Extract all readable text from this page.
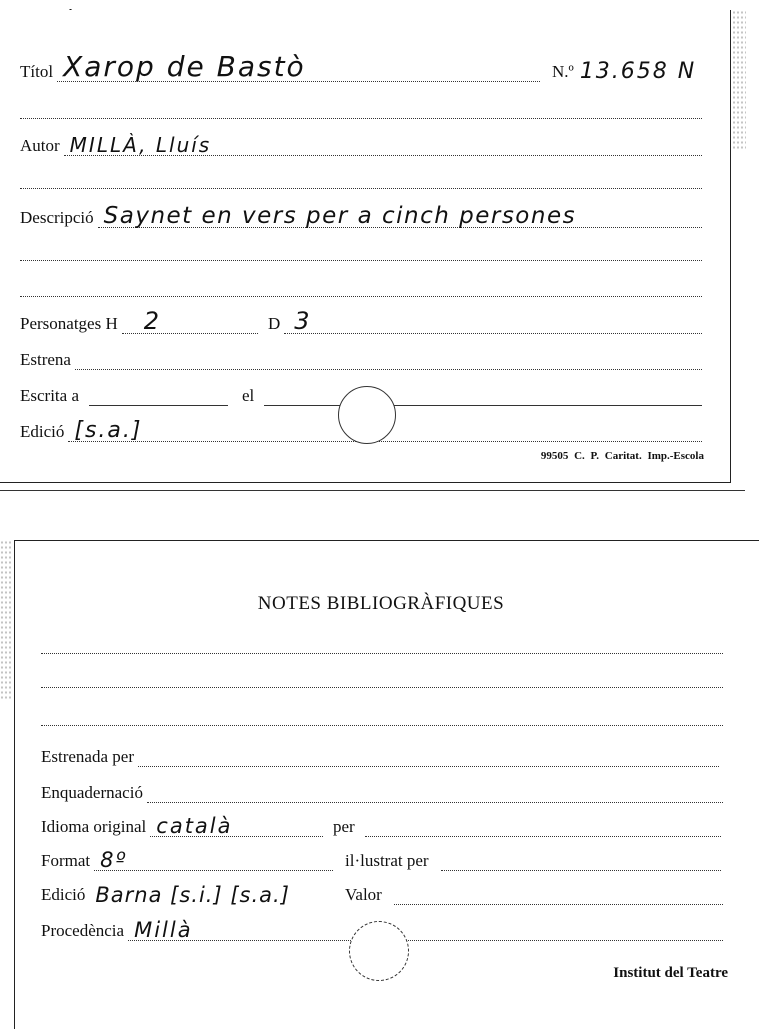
Títol Xarop de Bastò	N.º 13.658 N
Autor MILLÀ, Lluís
Descripció Saynet en vers per a cinch persones
Personatges H 2	D 3
Estrena
Escrita a	el
Edició [s.a.]
99505 C. P. Caritat. Imp.-Escola
NOTES BIBLIOGRÀFIQUES
Estrenada per
Enquadernació
Idioma original català	per
Format 8º	il·lustrat per
Edició Barna [s.i.] [s.a.]	Valor
Procedència Millà
Institut del Teatre
